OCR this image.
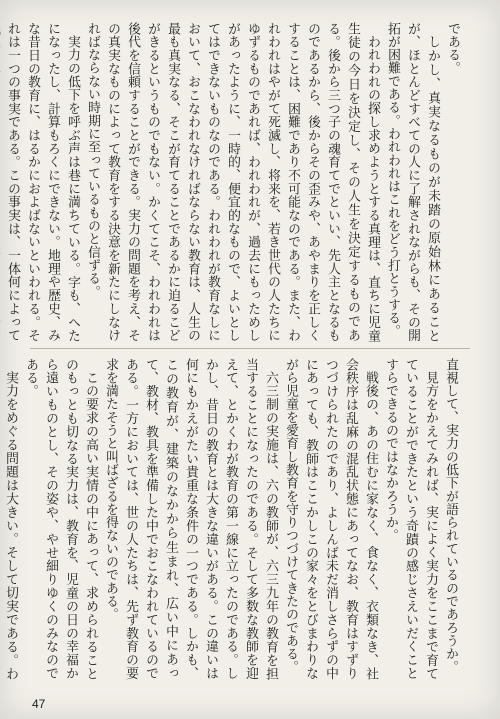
である。

しかし、真実なるものが未踏の原始林にあることが、ほとんどすべての人に了解されながらも、その開拓が困難である。われわれはこれをどう打とうする。

われわれの探し求めようとする真理は、直ちに児童生徒の今日を決定し、その人生を決定するものである。後から三つ子の魂育てでといい、先人主となるものであるから、後からその歪みや、あやまりを正しくすることは、困難であり不可能なのである。また、われわれはやがて死滅し、将来を、若き世代の人たちにゆずるものであれば、われわれが、過去にもっためしがあったように、一時的、便宜的なもので、よいとしてはできないものなのである。われわれが教育なしにおいて、おこなわれなければならない教育は、人生の最も真実なる、そこが育てることであるかに迫るこどがきるというものでもない。かくてこそ、われわれは後代を信頼することができる。実力の問題を考え、その真実なものによって教育をする決意を新たにしなければならない時期に至っているものと信ずる。

実力の低下を呼ぶ声は巷に満ちている。字も、へたになったし、計算もろくにできない。地理や歴史、みな昔日の教育に、はるかにおよばないといわれる。それは一つの事実である。この事実は、一体何によって

直視して、実力の低下が語られているのであろうか。

見方をかえてみれば、実によく実力をここまで育てていることができたという奇蹟の感じさえいだくことすらできるのではなかろうか。

戦後の、あの住むに家なく、食なく、衣類なき、社会秩序は乱麻の混乱状態にあってなお、教育はすずりつづけられたのであり、よしんば未だ消しさらずの中にあっても、教師はここかしこの家々をとびまわりながら児童を愛育し教育を守りつづけてきたのである。

六三制の実施は、六の教師が、六三九年の教育を担当することになったのである。そして多数な教師を迎えて、とかくわが教育の第一線に立ったのである。しかし、昔日の教育とは大きな違いがある。この違いは何にもかえがたい貴重な条件の一つである。しかも、この教育が、建築のなかから生まれ、広い中にあって、教材、教具を準備した中でおこなわれているのである。一方においては、世の人たちは、先ず教育の要求を満たそうと叫ばざるを得ないのである。

この要求の高い実情の中にあって、求められることのもっとも切なる実力は、教育を、児童の日の幸福から遠いものとし、その姿や、やせ細りゆくのみなのである。

実力をめぐる問題は大きい。そして切実である。わ

47
